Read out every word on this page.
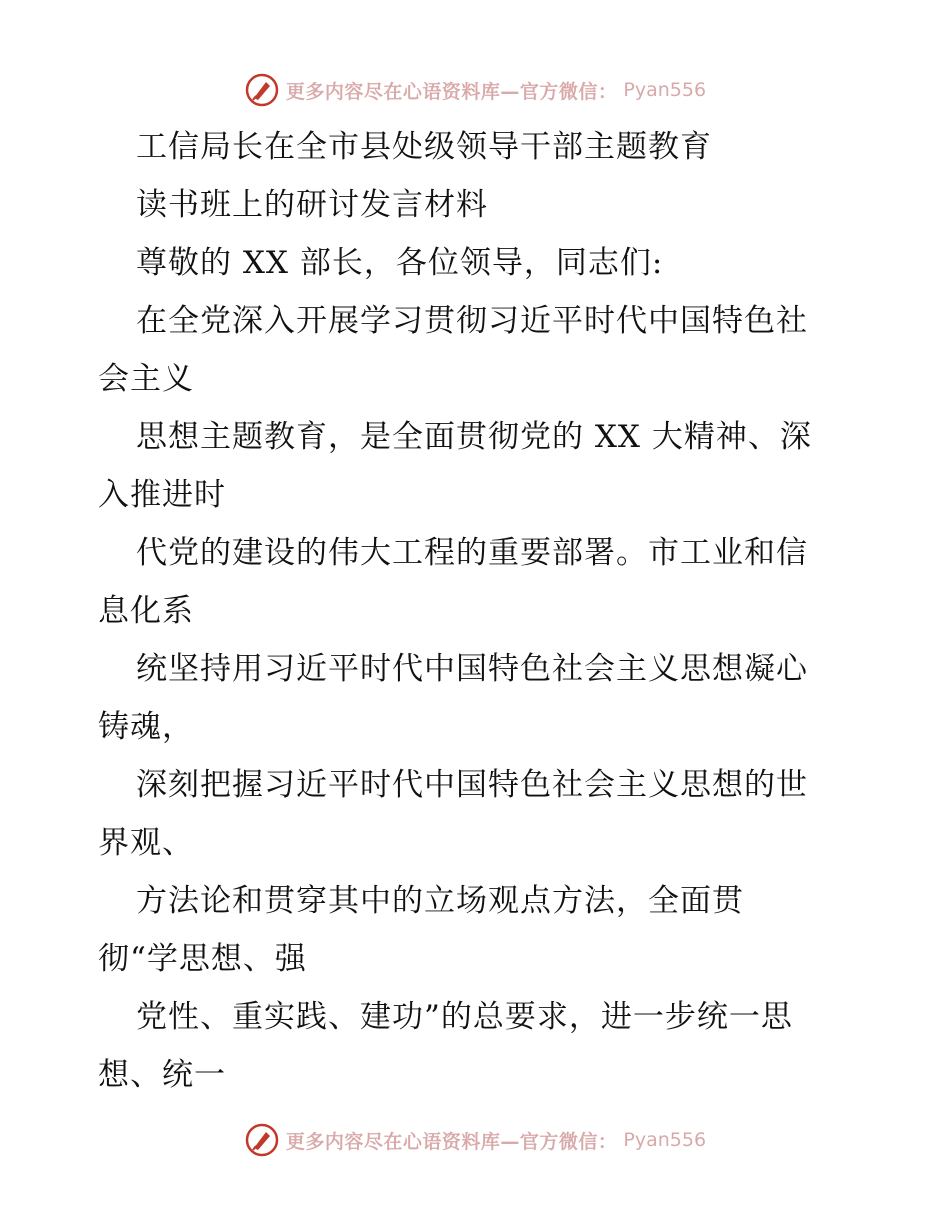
更多内容尽在心语资料库—官方微信： Pyan556
工信局长在全市县处级领导干部主题教育
读书班上的研讨发言材料
尊敬的 XX 部长，各位领导，同志们:
在全党深入开展学习贯彻习近平时代中国特色社
会主义
思想主题教育，是全面贯彻党的 XX 大精神、深
入推进时
代党的建设的伟大工程的重要部署。市工业和信
息化系
统坚持用习近平时代中国特色社会主义思想凝心
铸魂，
深刻把握习近平时代中国特色社会主义思想的世
界观、
方法论和贯穿其中的立场观点方法，全面贯
彻“学思想、强
党性、重实践、建功”的总要求，进一步统一思
想、统一
更多内容尽在心语资料库—官方微信： Pyan556
